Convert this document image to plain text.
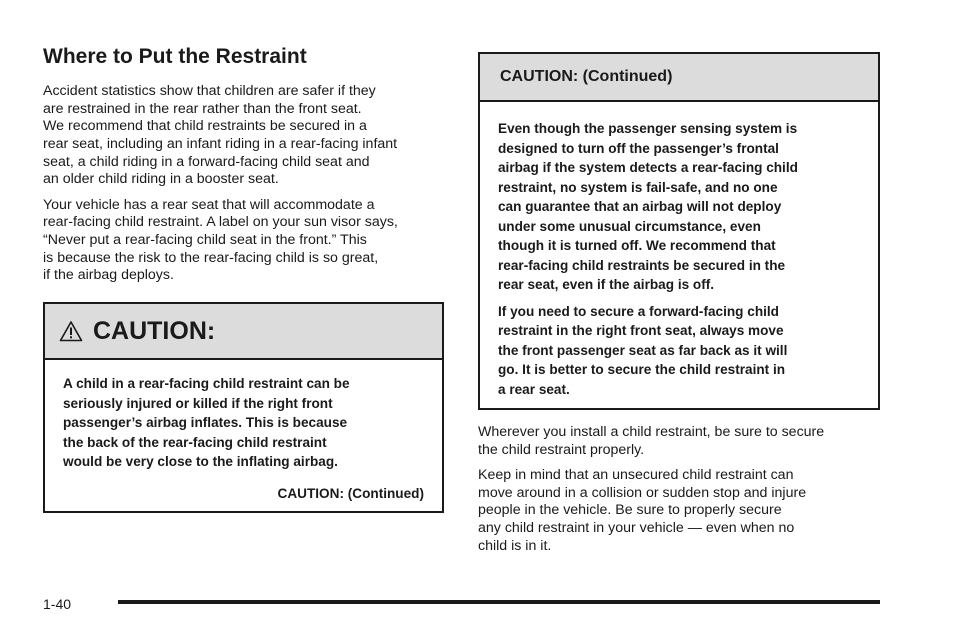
Where to Put the Restraint

Accident statistics show that children are safer if they
are restrained in the rear rather than the front seat.
We recommend that child restraints be secured in a
rear seat, including an infant riding in a rear-facing infant
seat, a child riding in a forward-facing child seat and
an older child riding in a booster seat.

Your vehicle has a rear seat that will accommodate a
rear-facing child restraint. A label on your sun visor says,
“Never put a rear-facing child seat in the front.” This
is because the risk to the rear-facing child is so great,
if the airbag deploys.

CAUTION:

A child in a rear-facing child restraint can be
seriously injured or killed if the right front
passenger’s airbag inflates. This is because
the back of the rear-facing child restraint
would be very close to the inflating airbag.

CAUTION: (Continued)
CAUTION: (Continued)

Even though the passenger sensing system is
designed to turn off the passenger’s frontal
airbag if the system detects a rear-facing child
restraint, no system is fail-safe, and no one
can guarantee that an airbag will not deploy
under some unusual circumstance, even
though it is turned off. We recommend that
rear-facing child restraints be secured in the
rear seat, even if the airbag is off.

If you need to secure a forward-facing child
restraint in the right front seat, always move
the front passenger seat as far back as it will
go. It is better to secure the child restraint in
a rear seat.

Wherever you install a child restraint, be sure to secure
the child restraint properly.

Keep in mind that an unsecured child restraint can
move around in a collision or sudden stop and injure
people in the vehicle. Be sure to properly secure
any child restraint in your vehicle — even when no
child is in it.

1-40
